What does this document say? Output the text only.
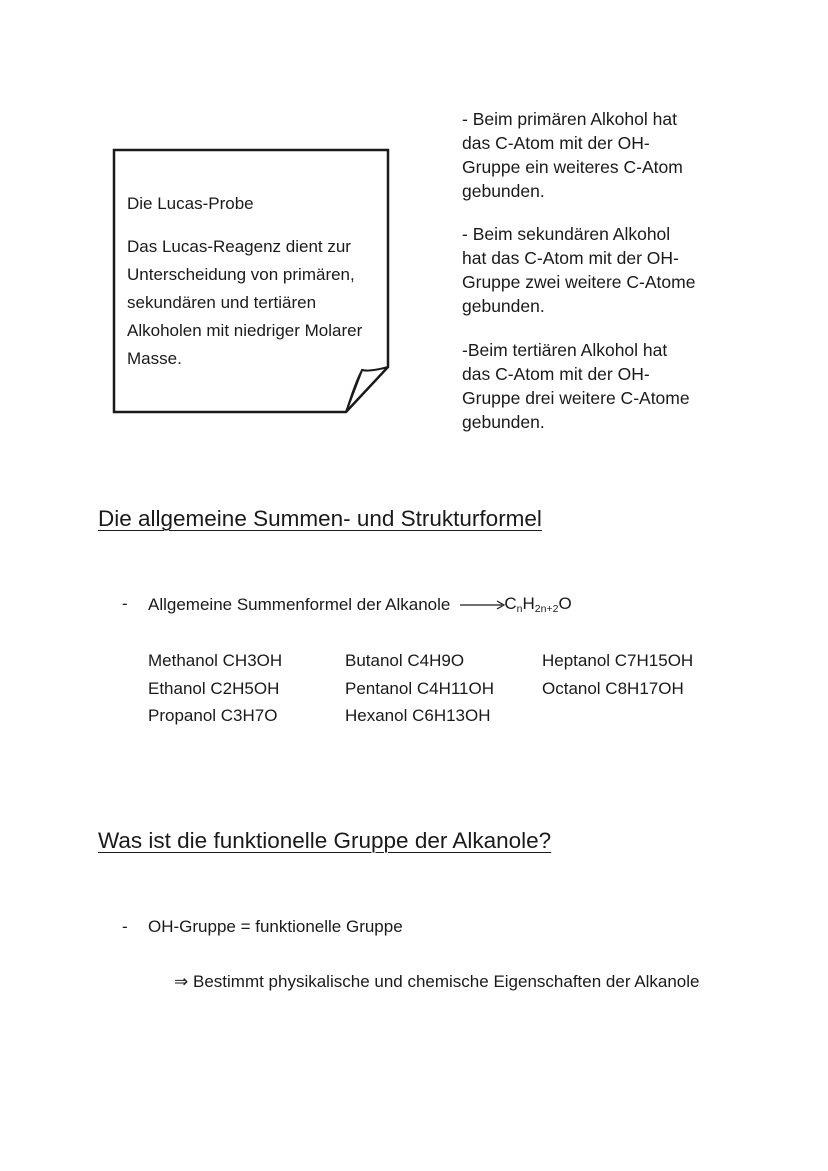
Die Lucas-Probe
Das Lucas-Reagenz dient zur
Unterscheidung von primären,
sekundären und tertiären
Alkoholen mit niedriger Molarer
Masse.
- Beim primären Alkohol hat
das C-Atom mit der OH-
Gruppe ein weiteres C-Atom
gebunden.
- Beim sekundären Alkohol
hat das C-Atom mit der OH-
Gruppe zwei weitere C-Atome
gebunden.
-Beim tertiären Alkohol hat
das C-Atom mit der OH-
Gruppe drei weitere C-Atome
gebunden.
Die allgemeine Summen- und Strukturformel
- Allgemeine Summenformel der Alkanole	$C_nH_{2n+2}O$
Methanol CH3OH
Ethanol C2H5OH
Propanol C3H7O
Butanol C4H9O
Pentanol C4H11OH
Hexanol C6H13OH
Heptanol C7H15OH
Octanol C8H17OH
Was ist die funktionelle Gruppe der Alkanole?
- OH-Gruppe = funktionelle Gruppe
⇒ Bestimmt physikalische und chemische Eigenschaften der Alkanole
